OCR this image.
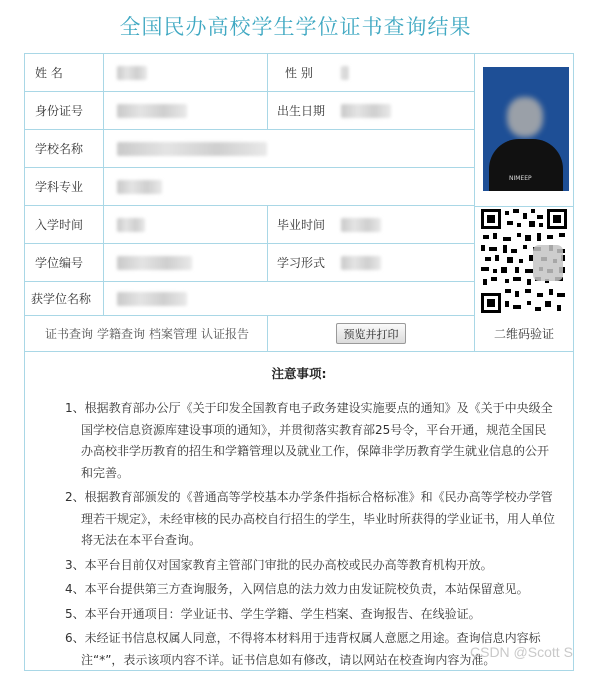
全国民办高校学生学位证书查询结果
姓 名	性 别
身份证号	出生日期
学校名称
学科专业
入学时间	毕业时间
学位编号	学习形式
获学位名称
NIMEEP
证书查询 学籍查询 档案管理 认证报告	预览并打印	二维码验证
注意事项:

1、根据教育部办公厅《关于印发全国教育电子政务建设实施要点的通知》及《关于中央级全国学校信息资源库建设事项的通知》，并贯彻落实教育部25号令，平台开通，规范全国民办高校非学历教育的招生和学籍管理以及就业工作，保障非学历教育学生就业信息的公开和完善。

2、根据教育部颁发的《普通高等学校基本办学条件指标合格标准》和《民办高等学校办学管理若干规定》，未经审核的民办高校自行招生的学生，毕业时所获得的学业证书，用人单位将无法在本平台查询。

3、本平台目前仅对国家教育主管部门审批的民办高校或民办高等教育机构开放。

4、本平台提供第三方查询服务，入网信息的法力效力由发证院校负责，本站保留意见。

5、本平台开通项目：学业证书、学生学籍、学生档案、查询报告、在线验证。

6、未经证书信息权属人同意，不得将本材料用于违背权属人意愿之用途。查询信息内容标注“*”，表示该项内容不详。证书信息如有修改，请以网站在校查询内容为准。

CSDN @Scott S
